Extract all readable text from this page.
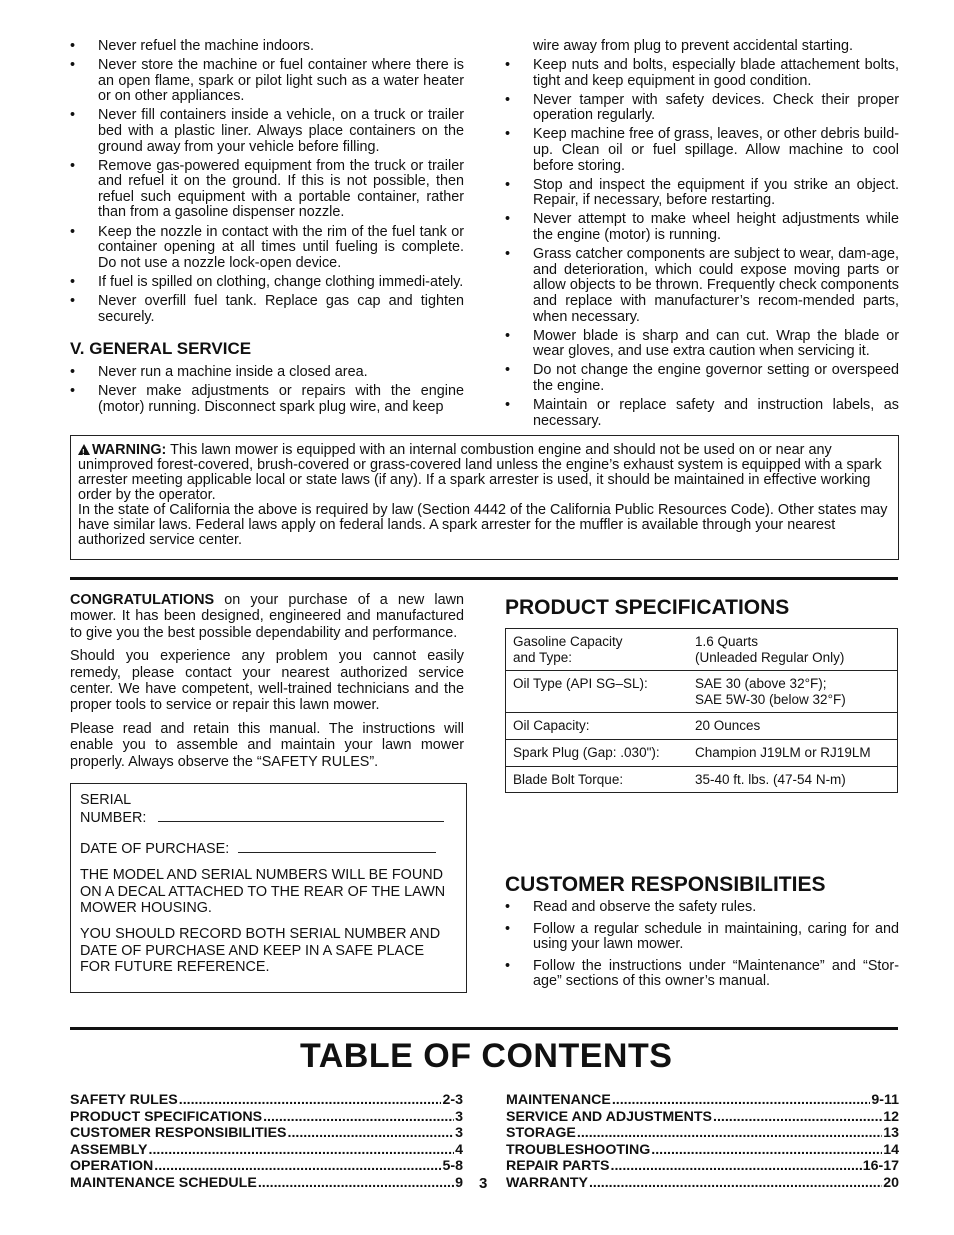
• Never refuel the machine indoors.
• Never store the machine or fuel container where there is an open flame, spark or pilot light such as a water heater or on other appliances.
• Never fill containers inside a vehicle, on a truck or trailer bed with a plastic liner. Always place containers on the ground away from your vehicle before filling.
• Remove gas-powered equipment from the truck or trailer and refuel it on the ground. If this is not possible, then refuel such equipment with a portable container, rather than from a gasoline dispenser nozzle.
• Keep the nozzle in contact with the rim of the fuel tank or container opening at all times until fueling is complete. Do not use a nozzle lock-open device.
• If fuel is spilled on clothing, change clothing immedi-ately.
• Never overfill fuel tank. Replace gas cap and tighten securely.
V. GENERAL SERVICE
• Never run a machine inside a closed area.
• Never make adjustments or repairs with the engine (motor) running. Disconnect spark plug wire, and keep
wire away from plug to prevent accidental starting.
• Keep nuts and bolts, especially blade attachement bolts, tight and keep equipment in good condition.
• Never tamper with safety devices. Check their proper operation regularly.
• Keep machine free of grass, leaves, or other debris build-up. Clean oil or fuel spillage. Allow machine to cool before storing.
• Stop and inspect the equipment if you strike an object. Repair, if necessary, before restarting.
• Never attempt to make wheel height adjustments while the engine (motor) is running.
• Grass catcher components are subject to wear, dam-age, and deterioration, which could expose moving parts or allow objects to be thrown. Frequently check components and replace with manufacturer’s recom-mended parts, when necessary.
• Mower blade is sharp and can cut. Wrap the blade or wear gloves, and use extra caution when servicing it.
• Do not change the engine governor setting or overspeed the engine.
• Maintain or replace safety and instruction labels, as necessary.

!WARNING: This lawn mower is equipped with an internal combustion engine and should not be used on or near any unimproved forest-covered, brush-covered or grass-covered land unless the engine’s exhaust system is equipped with a spark arrester meeting applicable local or state laws (if any). If a spark arrester is used, it should be maintained in effective working order by the operator.

In the state of California the above is required by law (Section 4442 of the California Public Resources Code). Other states may have similar laws. Federal laws apply on federal lands. A spark arrester for the muffler is available through your nearest authorized service center.

CONGRATULATIONS on your purchase of a new lawn mower. It has been designed, engineered and manufactured to give you the best possible dependability and performance.

Should you experience any problem you cannot easily remedy, please contact your nearest authorized service center. We have competent, well-trained technicians and the proper tools to service or repair this lawn mower.

Please read and retain this manual. The instructions will enable you to assemble and maintain your lawn mower properly. Always observe the “SAFETY RULES”.

SERIAL
NUMBER:

DATE OF PURCHASE:

THE MODEL AND SERIAL NUMBERS WILL BE FOUND ON A DECAL ATTACHED TO THE REAR OF THE LAWN MOWER HOUSING.

YOU SHOULD RECORD BOTH SERIAL NUMBER AND DATE OF PURCHASE AND KEEP IN A SAFE PLACE FOR FUTURE REFERENCE.

PRODUCT SPECIFICATIONS
Gasoline Capacity
and Type:	1.6 Quarts
(Unleaded Regular Only)
Oil Type (API SG–SL):	SAE 30 (above 32°F);
SAE 5W-30 (below 32°F)
Oil Capacity:	20 Ounces
Spark Plug (Gap: .030"):	Champion J19LM or RJ19LM
Blade Bolt Torque:	35-40 ft. lbs. (47-54 N-m)
CUSTOMER RESPONSIBILITIES
• Read and observe the safety rules.
• Follow a regular schedule in maintaining, caring for and using your lawn mower.
• Follow the instructions under “Maintenance” and “Stor-age” sections of this owner’s manual.
TABLE OF CONTENTS
SAFETY RULES .....	2-3
PRODUCT SPECIFICATIONS .....	3
CUSTOMER RESPONSIBILITIES .....	3
ASSEMBLY .....	4
OPERATION .....	5-8
MAINTENANCE SCHEDULE .....	9
MAINTENANCE .....	9-11
SERVICE AND ADJUSTMENTS .....	12
STORAGE .....	13
TROUBLESHOOTING .....	14
REPAIR PARTS .....	16-17
WARRANTY .....	20
3
